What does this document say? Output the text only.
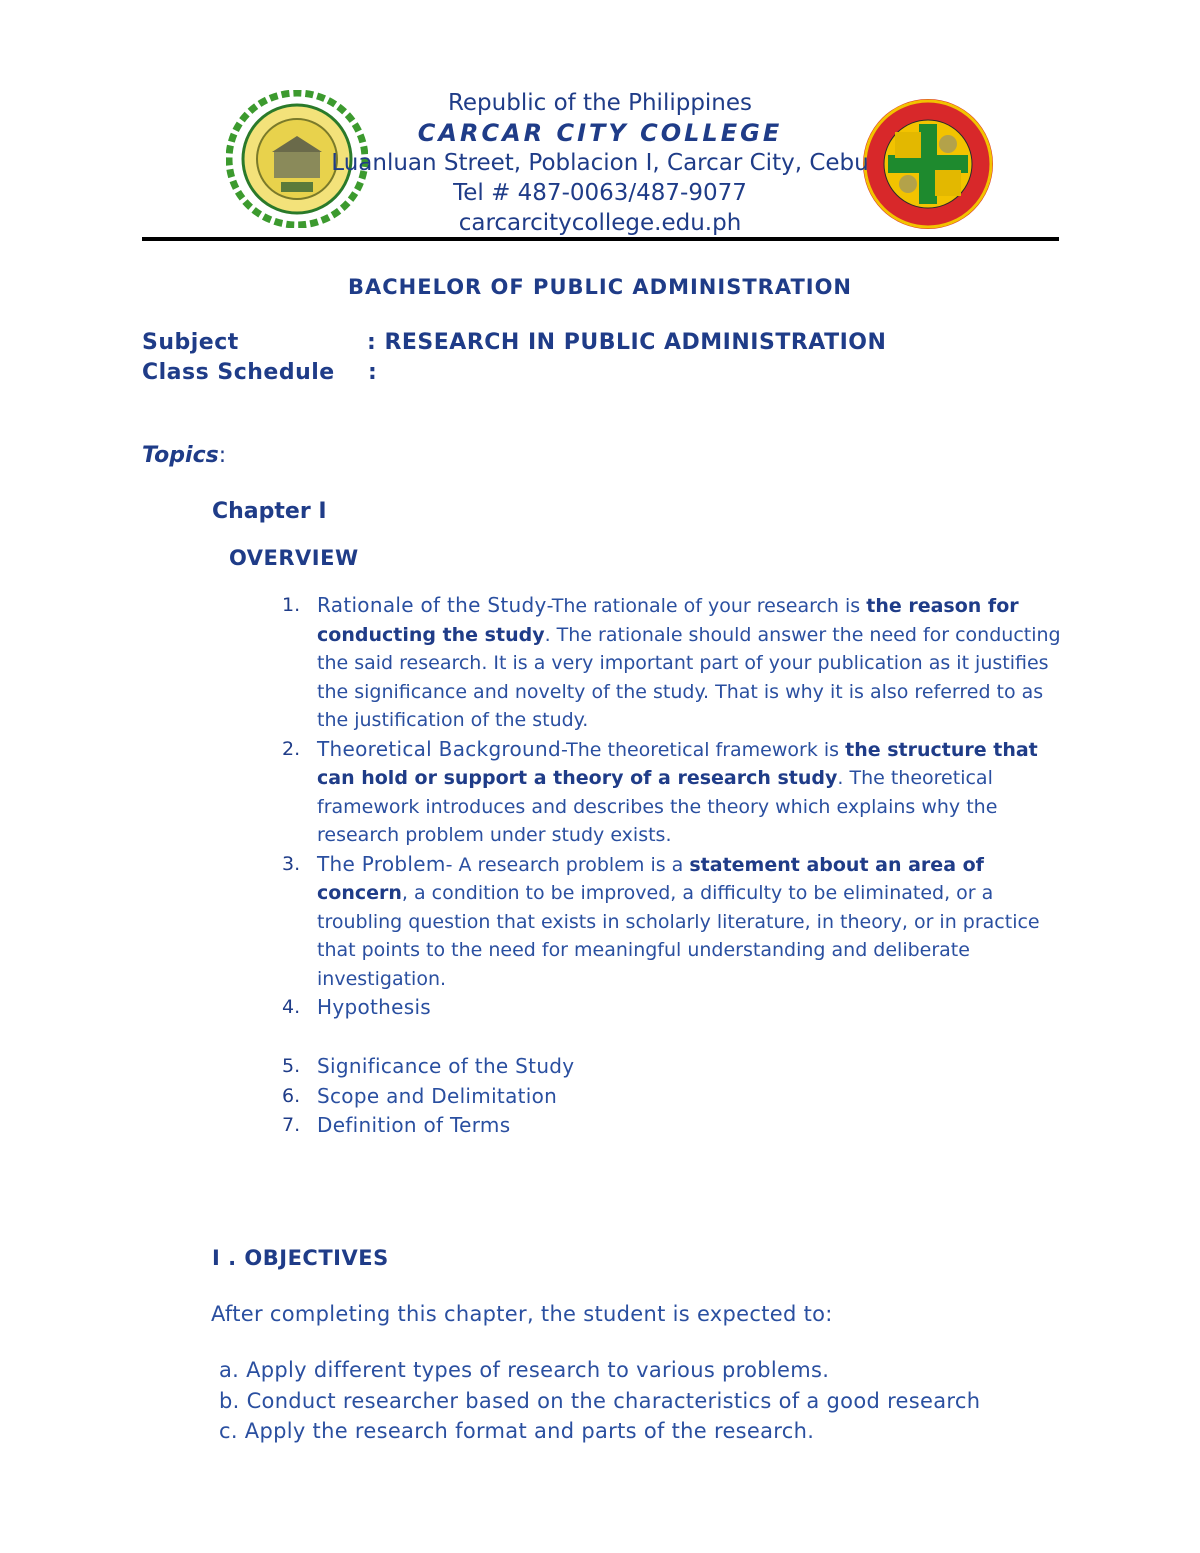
Republic of the Philippines

CARCAR CITY COLLEGE

Luanluan Street, Poblacion I, Carcar City, Cebu

Tel # 487-0063/487-9077

carcarcitycollege.edu.ph

BACHELOR OF PUBLIC ADMINISTRATION

Subject	: RESEARCH IN PUBLIC ADMINISTRATION
Class Schedule :

Topics:

Chapter I

OVERVIEW

1. Rationale of the Study-The rationale of your research is the reason for conducting the study. The rationale should answer the need for conducting the said research. It is a very important part of your publication as it justifies the significance and novelty of the study. That is why it is also referred to as the justification of the study.
2. Theoretical Background-The theoretical framework is the structure that can hold or support a theory of a research study. The theoretical framework introduces and describes the theory which explains why the research problem under study exists.
3. The Problem- A research problem is a statement about an area of concern, a condition to be improved, a difficulty to be eliminated, or a troubling question that exists in scholarly literature, in theory, or in practice that points to the need for meaningful understanding and deliberate investigation.
4. Hypothesis
5. Significance of the Study
6. Scope and Delimitation
7. Definition of Terms

I . OBJECTIVES

After completing this chapter, the student is expected to:

a. Apply different types of research to various problems.
b. Conduct researcher based on the characteristics of a good research
c. Apply the research format and parts of the research.
